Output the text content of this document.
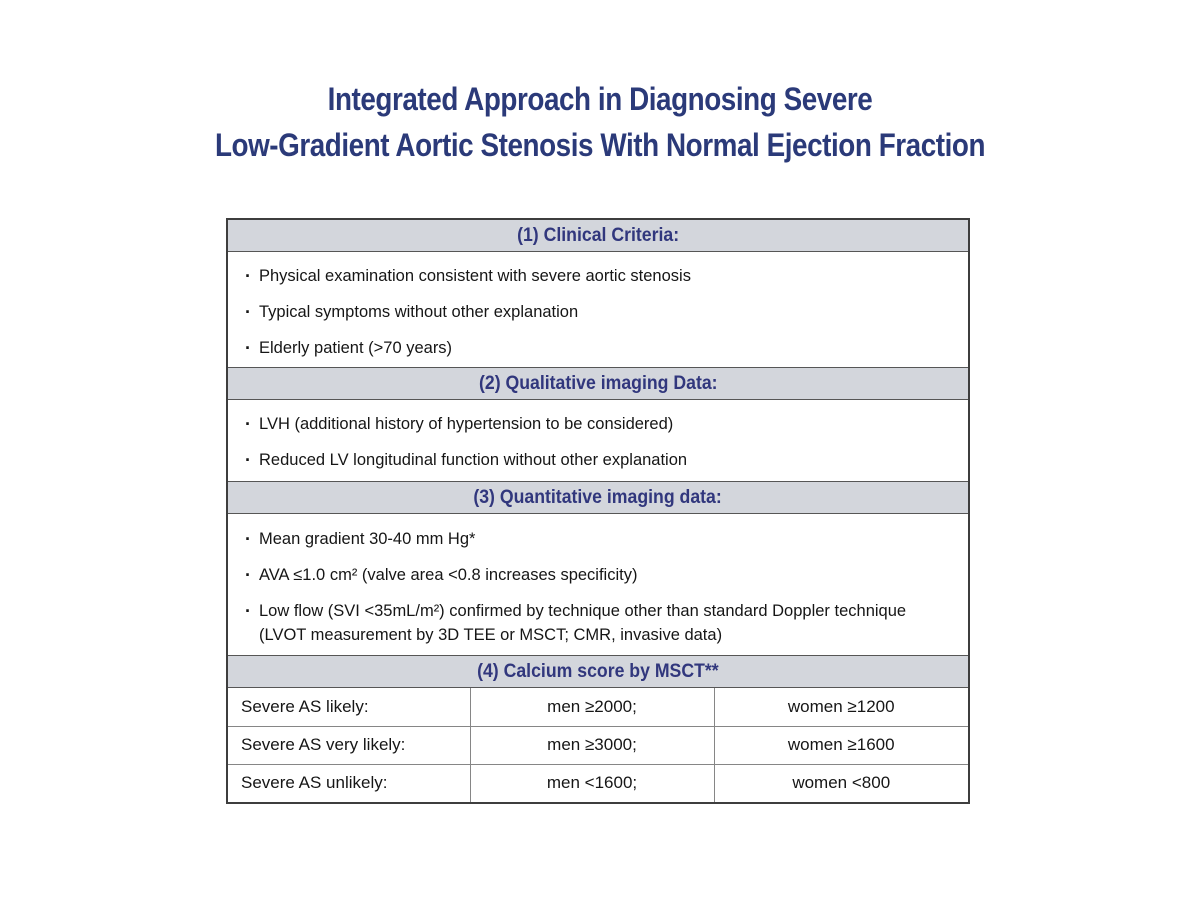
Integrated Approach in Diagnosing Severe
Low-Gradient Aortic Stenosis With Normal Ejection Fraction
(1) Clinical Criteria:
· Physical examination consistent with severe aortic stenosis
· Typical symptoms without other explanation
· Elderly patient (>70 years)
(2) Qualitative imaging Data:
· LVH (additional history of hypertension to be considered)
· Reduced LV longitudinal function without other explanation
(3) Quantitative imaging data:
· Mean gradient 30-40 mm Hg*
· AVA ≤1.0 cm² (valve area <0.8 increases specificity)
· Low flow (SVI <35mL/m²) confirmed by technique other than standard Doppler technique (LVOT measurement by 3D TEE or MSCT; CMR, invasive data)
(4) Calcium score by MSCT**
Severe AS likely:	men ≥2000;	women ≥1200
Severe AS very likely:	men ≥3000;	women ≥1600
Severe AS unlikely:	men <1600;	women <800
